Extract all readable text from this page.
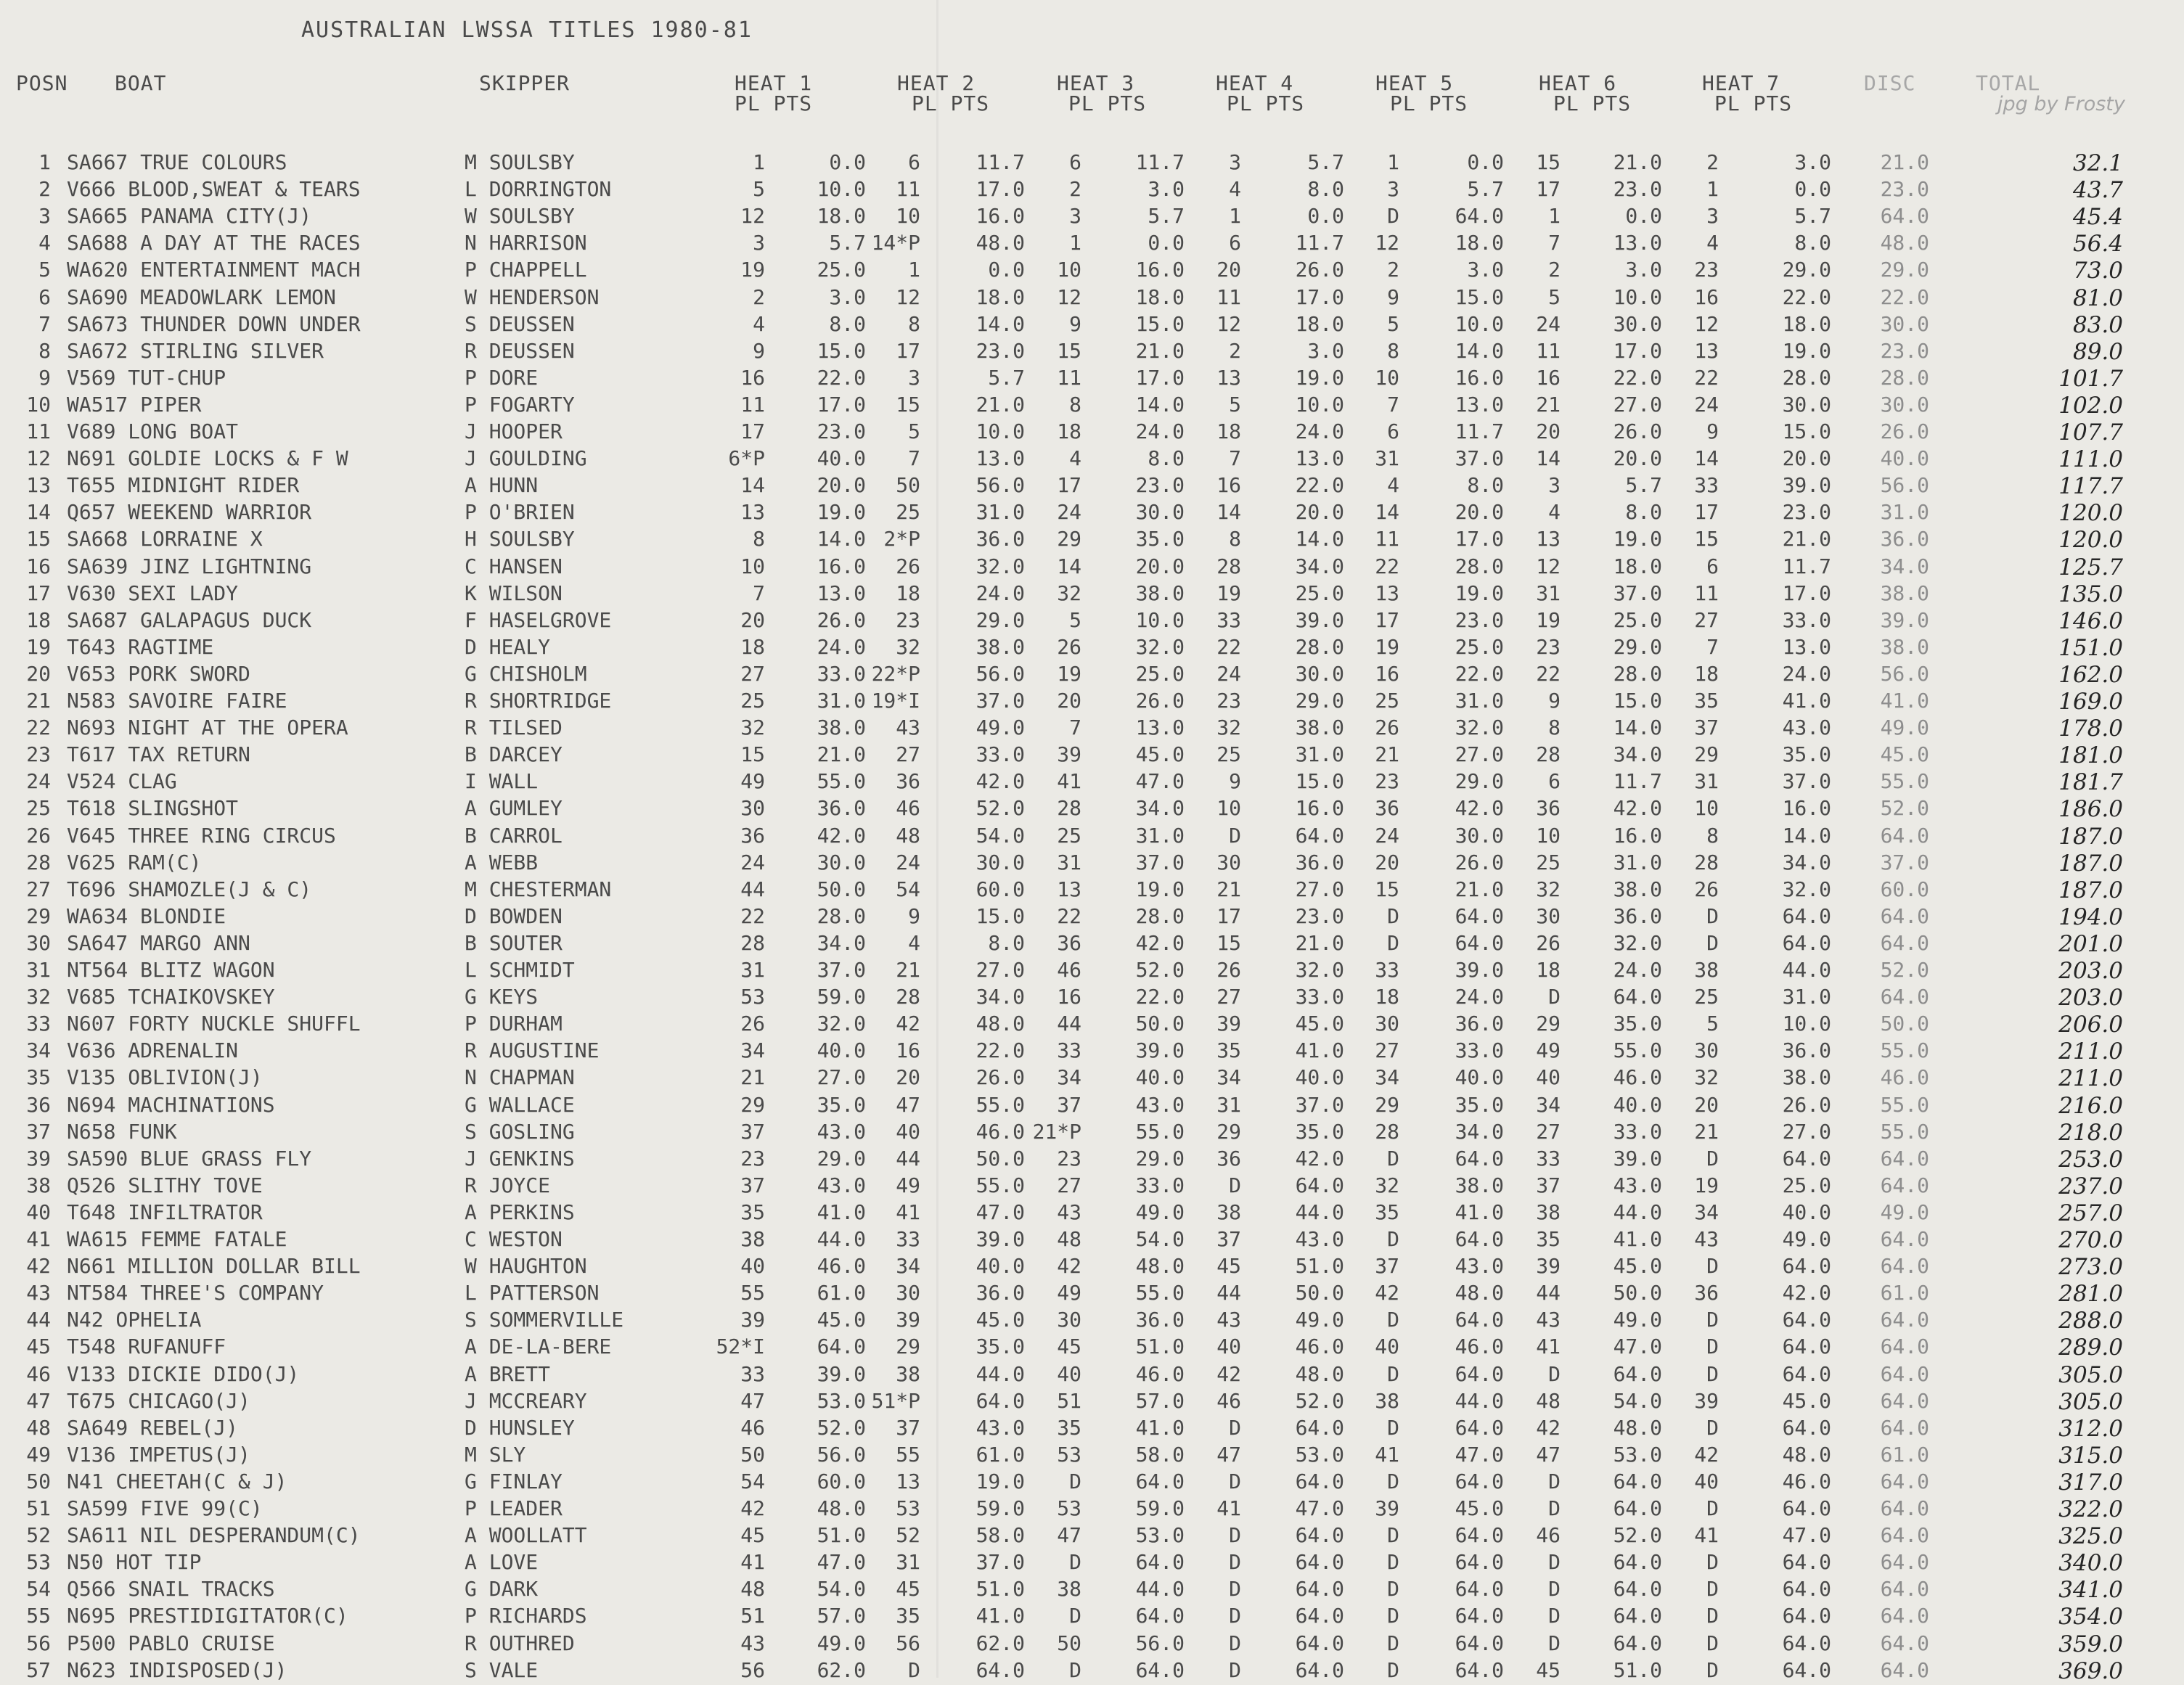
AUSTRALIAN LWSSA TITLES 1980-81
jpg by Frosty
POSN BOAT	SKIPPER	HEAT 1	HEAT 2	HEAT 3	HEAT 4	HEAT 5	HEAT 6	HEAT 7	DISC	TOTAL
PL PTS	PL PTS	PL PTS	PL PTS	PL PTS	PL PTS	PL PTS
1 SA667 TRUE COLOURS	M SOULSBY	1	0.0	6	11.7	6	11.7	3	5.7	1	0.0	15	21.0	2	3.0	21.0	32.1
2 V666 BLOOD,SWEAT & TEARS	L DORRINGTON	5	10.0	11	17.0	2	3.0	4	8.0	3	5.7	17	23.0	1	0.0	23.0	43.7
3 SA665 PANAMA CITY(J)	W SOULSBY	12	18.0	10	16.0	3	5.7	1	0.0	D	64.0	1	0.0	3	5.7	64.0	45.4
4 SA688 A DAY AT THE RACES	N HARRISON	3	5.7 14*P	48.0	1	0.0	6	11.7	12	18.0	7	13.0	4	8.0	48.0	56.4
5 WA620 ENTERTAINMENT MACH	P CHAPPELL	19	25.0	1	0.0	10	16.0	20	26.0	2	3.0	2	3.0	23	29.0	29.0	73.0
6 SA690 MEADOWLARK LEMON	W HENDERSON	2	3.0	12	18.0	12	18.0	11	17.0	9	15.0	5	10.0	16	22.0	22.0	81.0
7 SA673 THUNDER DOWN UNDER	S DEUSSEN	4	8.0	8	14.0	9	15.0	12	18.0	5	10.0	24	30.0	12	18.0	30.0	83.0
8 SA672 STIRLING SILVER	R DEUSSEN	9	15.0	17	23.0	15	21.0	2	3.0	8	14.0	11	17.0	13	19.0	23.0	89.0
9 V569 TUT-CHUP	P DORE	16	22.0	3	5.7	11	17.0	13	19.0	10	16.0	16	22.0	22	28.0	28.0	101.7
10 WA517 PIPER	P FOGARTY	11	17.0	15	21.0	8	14.0	5	10.0	7	13.0	21	27.0	24	30.0	30.0	102.0
11 V689 LONG BOAT	J HOOPER	17	23.0	5	10.0	18	24.0	18	24.0	6	11.7	20	26.0	9	15.0	26.0	107.7
12 N691 GOLDIE LOCKS & F W	J GOULDING	6*P	40.0	7	13.0	4	8.0	7	13.0	31	37.0	14	20.0	14	20.0	40.0	111.0
13 T655 MIDNIGHT RIDER	A HUNN	14	20.0	50	56.0	17	23.0	16	22.0	4	8.0	3	5.7	33	39.0	56.0	117.7
14 Q657 WEEKEND WARRIOR	P O'BRIEN	13	19.0	25	31.0	24	30.0	14	20.0	14	20.0	4	8.0	17	23.0	31.0	120.0
15 SA668 LORRAINE X	H SOULSBY	8	14.0 2*P	36.0	29	35.0	8	14.0	11	17.0	13	19.0	15	21.0	36.0	120.0
16 SA639 JINZ LIGHTNING	C HANSEN	10	16.0	26	32.0	14	20.0	28	34.0	22	28.0	12	18.0	6	11.7	34.0	125.7
17 V630 SEXI LADY	K WILSON	7	13.0	18	24.0	32	38.0	19	25.0	13	19.0	31	37.0	11	17.0	38.0	135.0
18 SA687 GALAPAGUS DUCK	F HASELGROVE	20	26.0	23	29.0	5	10.0	33	39.0	17	23.0	19	25.0	27	33.0	39.0	146.0
19 T643 RAGTIME	D HEALY	18	24.0	32	38.0	26	32.0	22	28.0	19	25.0	23	29.0	7	13.0	38.0	151.0
20 V653 PORK SWORD	G CHISHOLM	27	33.0 22*P	56.0	19	25.0	24	30.0	16	22.0	22	28.0	18	24.0	56.0	162.0
21 N583 SAVOIRE FAIRE	R SHORTRIDGE	25	31.0 19*I	37.0	20	26.0	23	29.0	25	31.0	9	15.0	35	41.0	41.0	169.0
22 N693 NIGHT AT THE OPERA	R TILSED	32	38.0	43	49.0	7	13.0	32	38.0	26	32.0	8	14.0	37	43.0	49.0	178.0
23 T617 TAX RETURN	B DARCEY	15	21.0	27	33.0	39	45.0	25	31.0	21	27.0	28	34.0	29	35.0	45.0	181.0
24 V524 CLAG	I WALL	49	55.0	36	42.0	41	47.0	9	15.0	23	29.0	6	11.7	31	37.0	55.0	181.7
25 T618 SLINGSHOT	A GUMLEY	30	36.0	46	52.0	28	34.0	10	16.0	36	42.0	36	42.0	10	16.0	52.0	186.0
26 V645 THREE RING CIRCUS	B CARROL	36	42.0	48	54.0	25	31.0	D	64.0	24	30.0	10	16.0	8	14.0	64.0	187.0
28 V625 RAM(C)	A WEBB	24	30.0	24	30.0	31	37.0	30	36.0	20	26.0	25	31.0	28	34.0	37.0	187.0
27 T696 SHAMOZLE(J & C)	M CHESTERMAN	44	50.0	54	60.0	13	19.0	21	27.0	15	21.0	32	38.0	26	32.0	60.0	187.0
29 WA634 BLONDIE	D BOWDEN	22	28.0	9	15.0	22	28.0	17	23.0	D	64.0	30	36.0	D	64.0	64.0	194.0
30 SA647 MARGO ANN	B SOUTER	28	34.0	4	8.0	36	42.0	15	21.0	D	64.0	26	32.0	D	64.0	64.0	201.0
31 NT564 BLITZ WAGON	L SCHMIDT	31	37.0	21	27.0	46	52.0	26	32.0	33	39.0	18	24.0	38	44.0	52.0	203.0
32 V685 TCHAIKOVSKEY	G KEYS	53	59.0	28	34.0	16	22.0	27	33.0	18	24.0	D	64.0	25	31.0	64.0	203.0
33 N607 FORTY NUCKLE SHUFFL	P DURHAM	26	32.0	42	48.0	44	50.0	39	45.0	30	36.0	29	35.0	5	10.0	50.0	206.0
34 V636 ADRENALIN	R AUGUSTINE	34	40.0	16	22.0	33	39.0	35	41.0	27	33.0	49	55.0	30	36.0	55.0	211.0
35 V135 OBLIVION(J)	N CHAPMAN	21	27.0	20	26.0	34	40.0	34	40.0	34	40.0	40	46.0	32	38.0	46.0	211.0
36 N694 MACHINATIONS	G WALLACE	29	35.0	47	55.0	37	43.0	31	37.0	29	35.0	34	40.0	20	26.0	55.0	216.0
37 N658 FUNK	S GOSLING	37	43.0	40	46.0 21*P	55.0	29	35.0	28	34.0	27	33.0	21	27.0	55.0	218.0
39 SA590 BLUE GRASS FLY	J GENKINS	23	29.0	44	50.0	23	29.0	36	42.0	D	64.0	33	39.0	D	64.0	64.0	253.0
38 Q526 SLITHY TOVE	R JOYCE	37	43.0	49	55.0	27	33.0	D	64.0	32	38.0	37	43.0	19	25.0	64.0	237.0
40 T648 INFILTRATOR	A PERKINS	35	41.0	41	47.0	43	49.0	38	44.0	35	41.0	38	44.0	34	40.0	49.0	257.0
41 WA615 FEMME FATALE	C WESTON	38	44.0	33	39.0	48	54.0	37	43.0	D	64.0	35	41.0	43	49.0	64.0	270.0
42 N661 MILLION DOLLAR BILL	W HAUGHTON	40	46.0	34	40.0	42	48.0	45	51.0	37	43.0	39	45.0	D	64.0	64.0	273.0
43 NT584 THREE'S COMPANY	L PATTERSON	55	61.0	30	36.0	49	55.0	44	50.0	42	48.0	44	50.0	36	42.0	61.0	281.0
44 N42 OPHELIA	S SOMMERVILLE	39	45.0	39	45.0	30	36.0	43	49.0	D	64.0	43	49.0	D	64.0	64.0	288.0
45 T548 RUFANUFF	A DE-LA-BERE	52*I	64.0	29	35.0	45	51.0	40	46.0	40	46.0	41	47.0	D	64.0	64.0	289.0
46 V133 DICKIE DIDO(J)	A BRETT	33	39.0	38	44.0	40	46.0	42	48.0	D	64.0	D	64.0	D	64.0	64.0	305.0
47 T675 CHICAGO(J)	J MCCREARY	47	53.0 51*P	64.0	51	57.0	46	52.0	38	44.0	48	54.0	39	45.0	64.0	305.0
48 SA649 REBEL(J)	D HUNSLEY	46	52.0	37	43.0	35	41.0	D	64.0	D	64.0	42	48.0	D	64.0	64.0	312.0
49 V136 IMPETUS(J)	M SLY	50	56.0	55	61.0	53	58.0	47	53.0	41	47.0	47	53.0	42	48.0	61.0	315.0
50 N41 CHEETAH(C & J)	G FINLAY	54	60.0	13	19.0	D	64.0	D	64.0	D	64.0	D	64.0	40	46.0	64.0	317.0
51 SA599 FIVE 99(C)	P LEADER	42	48.0	53	59.0	53	59.0	41	47.0	39	45.0	D	64.0	D	64.0	64.0	322.0
52 SA611 NIL DESPERANDUM(C)	A WOOLLATT	45	51.0	52	58.0	47	53.0	D	64.0	D	64.0	46	52.0	41	47.0	64.0	325.0
53 N50 HOT TIP	A LOVE	41	47.0	31	37.0	D	64.0	D	64.0	D	64.0	D	64.0	D	64.0	64.0	340.0
54 Q566 SNAIL TRACKS	G DARK	48	54.0	45	51.0	38	44.0	D	64.0	D	64.0	D	64.0	D	64.0	64.0	341.0
55 N695 PRESTIDIGITATOR(C)	P RICHARDS	51	57.0	35	41.0	D	64.0	D	64.0	D	64.0	D	64.0	D	64.0	64.0	354.0
56 P500 PABLO CRUISE	R OUTHRED	43	49.0	56	62.0	50	56.0	D	64.0	D	64.0	D	64.0	D	64.0	64.0	359.0
57 N623 INDISPOSED(J)	S VALE	56	62.0	D	64.0	D	64.0	D	64.0	D	64.0	45	51.0	D	64.0	64.0	369.0
